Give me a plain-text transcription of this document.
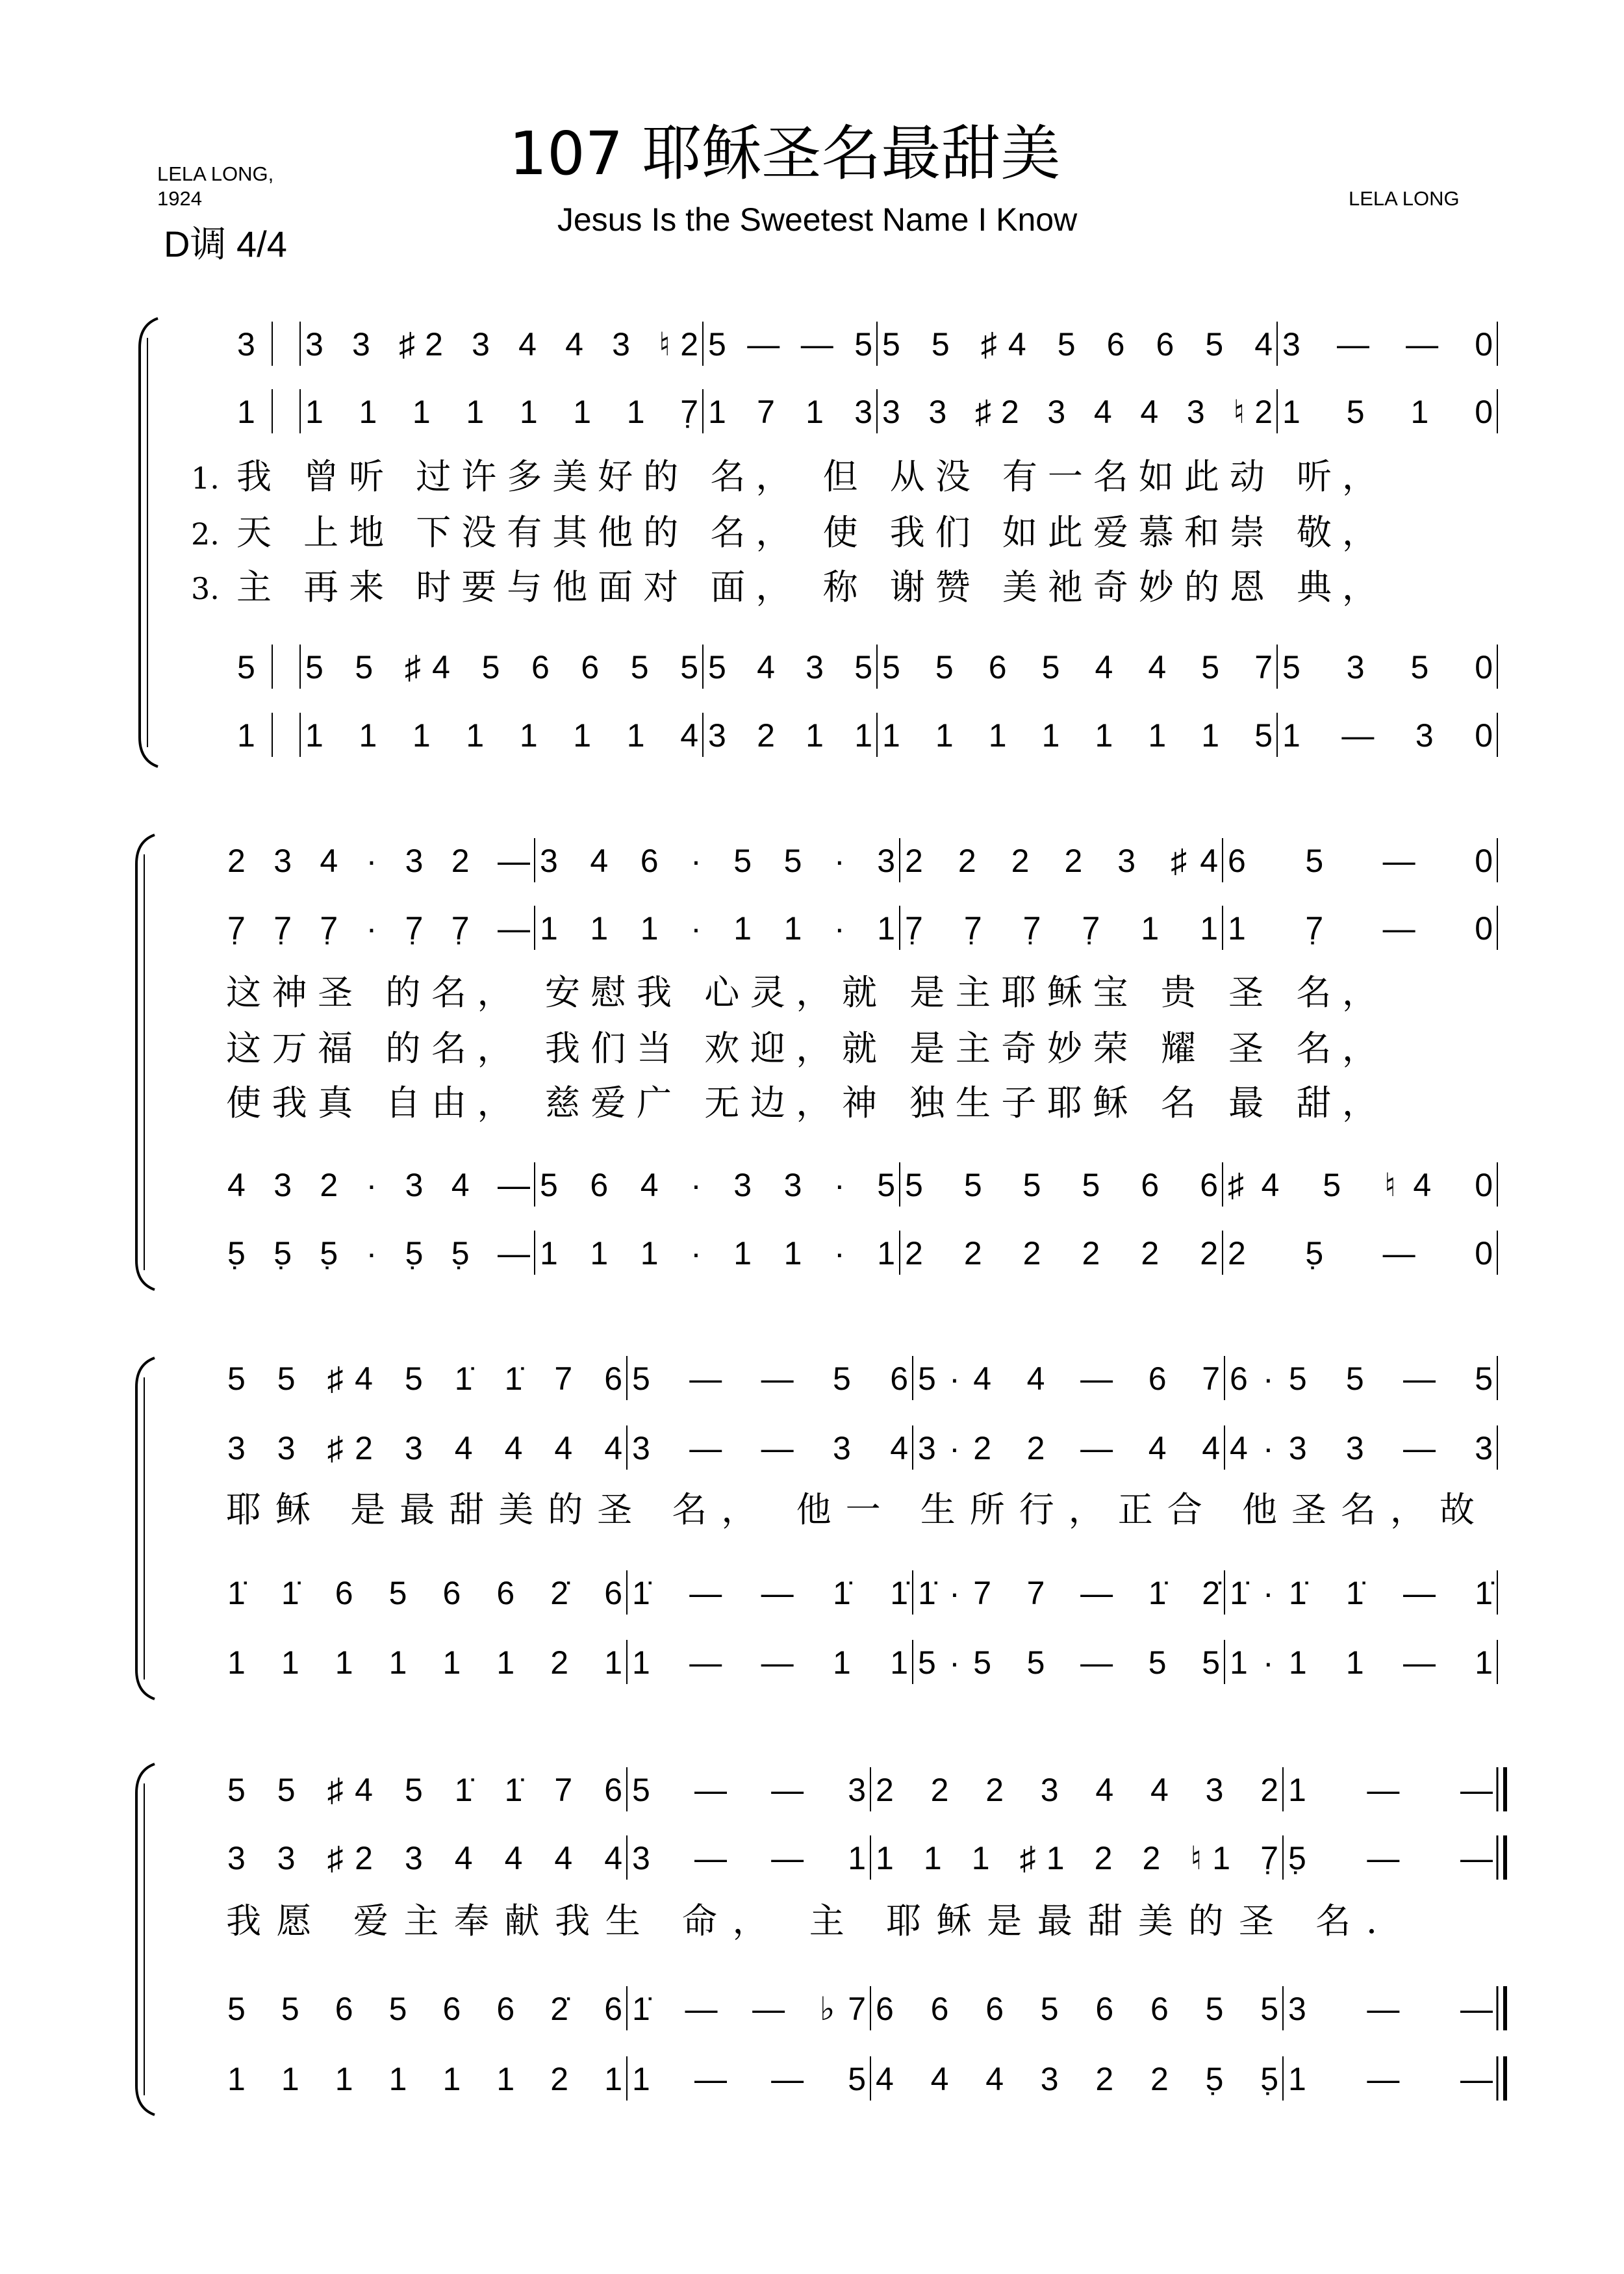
LELA LONG,
1924
D调 4/4
107 耶稣圣名最甜美
Jesus Is the Sweetest Name I Know
LELA LONG
3 3 3 ♯2 3 4 4 3 ♮2 5 — — 5 5 5 ♯4 5 6 6 5 4 3 — — 0
1 1 1 1 1 1 1 1 7̣ 1 7 1 3 3 3 ♯2 3 4 4 3 ♮2 1 5 1 0
5 5 5 ♯4 5 6 6 5 5 5 4 3 5 5 5 6 5 4 4 5 7 5 3 5 0
1 1 1 1 1 1 1 1 4 3 2 1 1 1 1 1 1 1 1 1 5 1 — 3 0
1. 我 曾听 过许多美好的 名， 但 从没 有一名如此动 听，
2. 天 上地 下没有其他的 名， 使 我们 如此爱慕和崇 敬，
3. 主 再来 时要与他面对 面， 称 谢赞 美祂奇妙的恩 典，
2 3 4 · 3 2 — 3 4 6 · 5 5 · 3 2 2 2 2 3 ♯4 6 5 — 0
7̣ 7̣ 7̣ · 7̣ 7̣ — 1 1 1 · 1 1 · 1 7̣ 7̣ 7̣ 7̣ 1 1 1 7̣ — 0
4 3 2 · 3 4 — 5 6 4 · 3 3 · 5 5 5 5 5 6 6 ♯4 5 ♮4 0
5̣ 5̣ 5̣ · 5̣ 5̣ — 1 1 1 · 1 1 · 1 2 2 2 2 2 2 2 5̣ — 0
这神圣 的名， 安慰我 心灵，就 是主耶稣宝 贵 圣 名，
这万福 的名， 我们当 欢迎，就 是主奇妙荣 耀 圣 名，
使我真 自由， 慈爱广 无边，神 独生子耶稣 名 最 甜，
5 5 ♯4 5 1̇ 1̇ 7 6 5 — — 5 6 5·4 4 — 6 7 6·5 5 — 5
3 3 ♯2 3 4 4 4 4 3 — — 3 4 3·2 2 — 4 4 4·3 3 — 3
1̇ 1̇ 6 5 6 6 2̇ 6 1̇ — — 1̇ 1̇ 1̇·7 7 — 1̇ 2̇ 1̇·1̇ 1̇ — 1̇
1 1 1 1 1 1 2 1 1 — — 1 1 5·5 5 — 5 5 1·1 1 — 1
耶稣 是最甜美的圣 名， 他一 生所行，正合 他圣名，故
5 5 ♯4 5 1̇ 1̇ 7 6 5 — — 3 2 2 2 3 4 4 3 2 1 — —
3 3 ♯2 3 4 4 4 4 3 — — 1 1 1 1 ♯1 2 2 ♮1 7̣ 5̣ — —
5 5 6 5 6 6 2̇ 6 1̇ — — ♭7 6 6 6 5 6 6 5 5 3 — —
1 1 1 1 1 1 2 1 1 — — 5 4 4 4 3 2 2 5̣ 5̣ 1 — —
我愿 爱主奉献我生 命， 主 耶稣是最甜美的圣 名.
